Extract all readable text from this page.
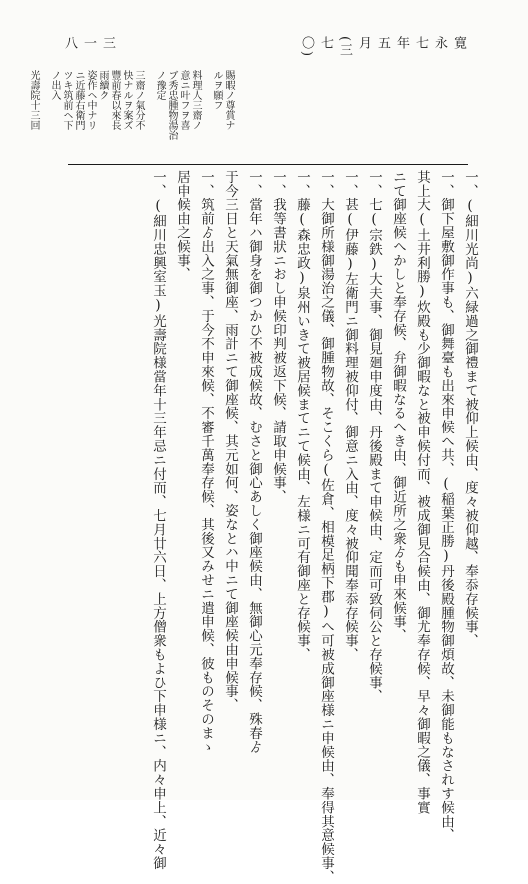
三一八	寛永七年五月(三七〇)
賜暇ノ尊賞ナ
ルヲ願フ
料理人三齋ノ
意ニ叶フヲ喜
ブ秀忠腫物湯治
ノ豫定
三齋ノ氣分不
快ナルヲ案ズ
豐前春以來長
雨續ク
姿作ヘ中ナリ
ニ近藤右衛門
ツキ筑前ヘ下
ノ出入
光壽院十三回
一、(細川光尚)六緑過之御禮まて被仰上候由、度々被仰越、奉忝存候事、
一、御下屋敷御作事も、御舞臺も出來申候へ共、(稲葉正勝)丹後殿腫物御煩故、未御能もなされす候由、
其上大(土井利勝)炊殿も少御暇なと被申候付而、被成御見合候由、御尤奉存候、早々御暇之儀、事實
ニて御座候へかしと奉存候、弁御暇なるへき由、御近所之衆ゟも申來候事、
一、七(宗鉄)大夫事、御見廻申度由、丹後殿まて申候由、定而可致伺公と存候事、
一、甚(伊藤)左衛門ニ御料理被仰付、御意ニ入由、度々被仰聞奉忝存候事、
一、大御所様御湯治之儀、御腫物故、そこくら(佐倉、相模足柄下郡)へ可被成御座様ニ申候由、奉得其意候事、
一、藤(森忠政)泉州いきて被居候まてニて候由、左様ニ可有御座と存候事、
一、我等書狀ニおし申候印判被返下候、請取申候事、
一、當年ハ御身を御つかひ不被成候故、むさと御心あしく御座候由、無御心元奉存候、殊春ゟ
于今三日と天氣無御座、雨計ニて御座候、其元如何、姿なとハ中ニて御座候由申候事、
一、筑前ゟ出入之事、于今不申來候、不審千萬奉存候、其後又みせニ遣申候、彼ものそのまゝ
居申候由之候事、
一、(細川忠興室玉)光壽院様當年十三年忌ニ付而、七月廿六日、上方僧衆もよひ下申様ニ、内々申上、近々御
